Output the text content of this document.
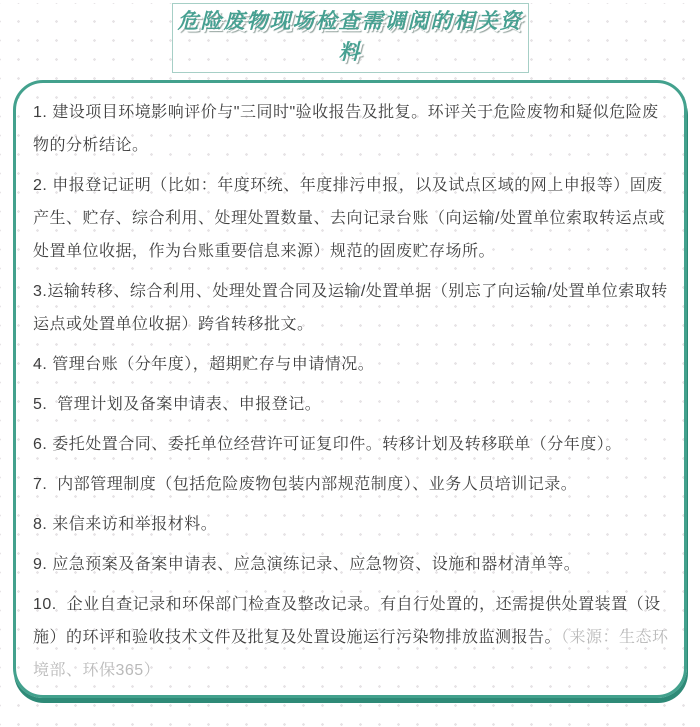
危险废物现场检查需调阅的相关资料

1. 建设项目环境影响评价与"三同时"验收报告及批复。环评关于危险废物和疑似危险废物的分析结论。

2. 申报登记证明（比如：年度环统、年度排污申报，以及试点区域的网上申报等）固废产生、贮存、综合利用、处理处置数量、去向记录台账（向运输/处置单位索取转运点或处置单位收据，作为台账重要信息来源）规范的固废贮存场所。

3.运输转移、综合利用、处理处置合同及运输/处置单据（别忘了向运输/处置单位索取转运点或处置单位收据）跨省转移批文。

4. 管理台账（分年度），超期贮存与申请情况。

5.  管理计划及备案申请表、申报登记。

6. 委托处置合同、委托单位经营许可证复印件。转移计划及转移联单（分年度）。

7.  内部管理制度（包括危险废物包装内部规范制度）、业务人员培训记录。

8. 来信来访和举报材料。

9. 应急预案及备案申请表、应急演练记录、应急物资、设施和器材清单等。

10.  企业自查记录和环保部门检查及整改记录。有自行处置的，还需提供处置装置（设施）的环评和验收技术文件及批复及处置设施运行污染物排放监测报告。（来源：生态环境部、环保365）
